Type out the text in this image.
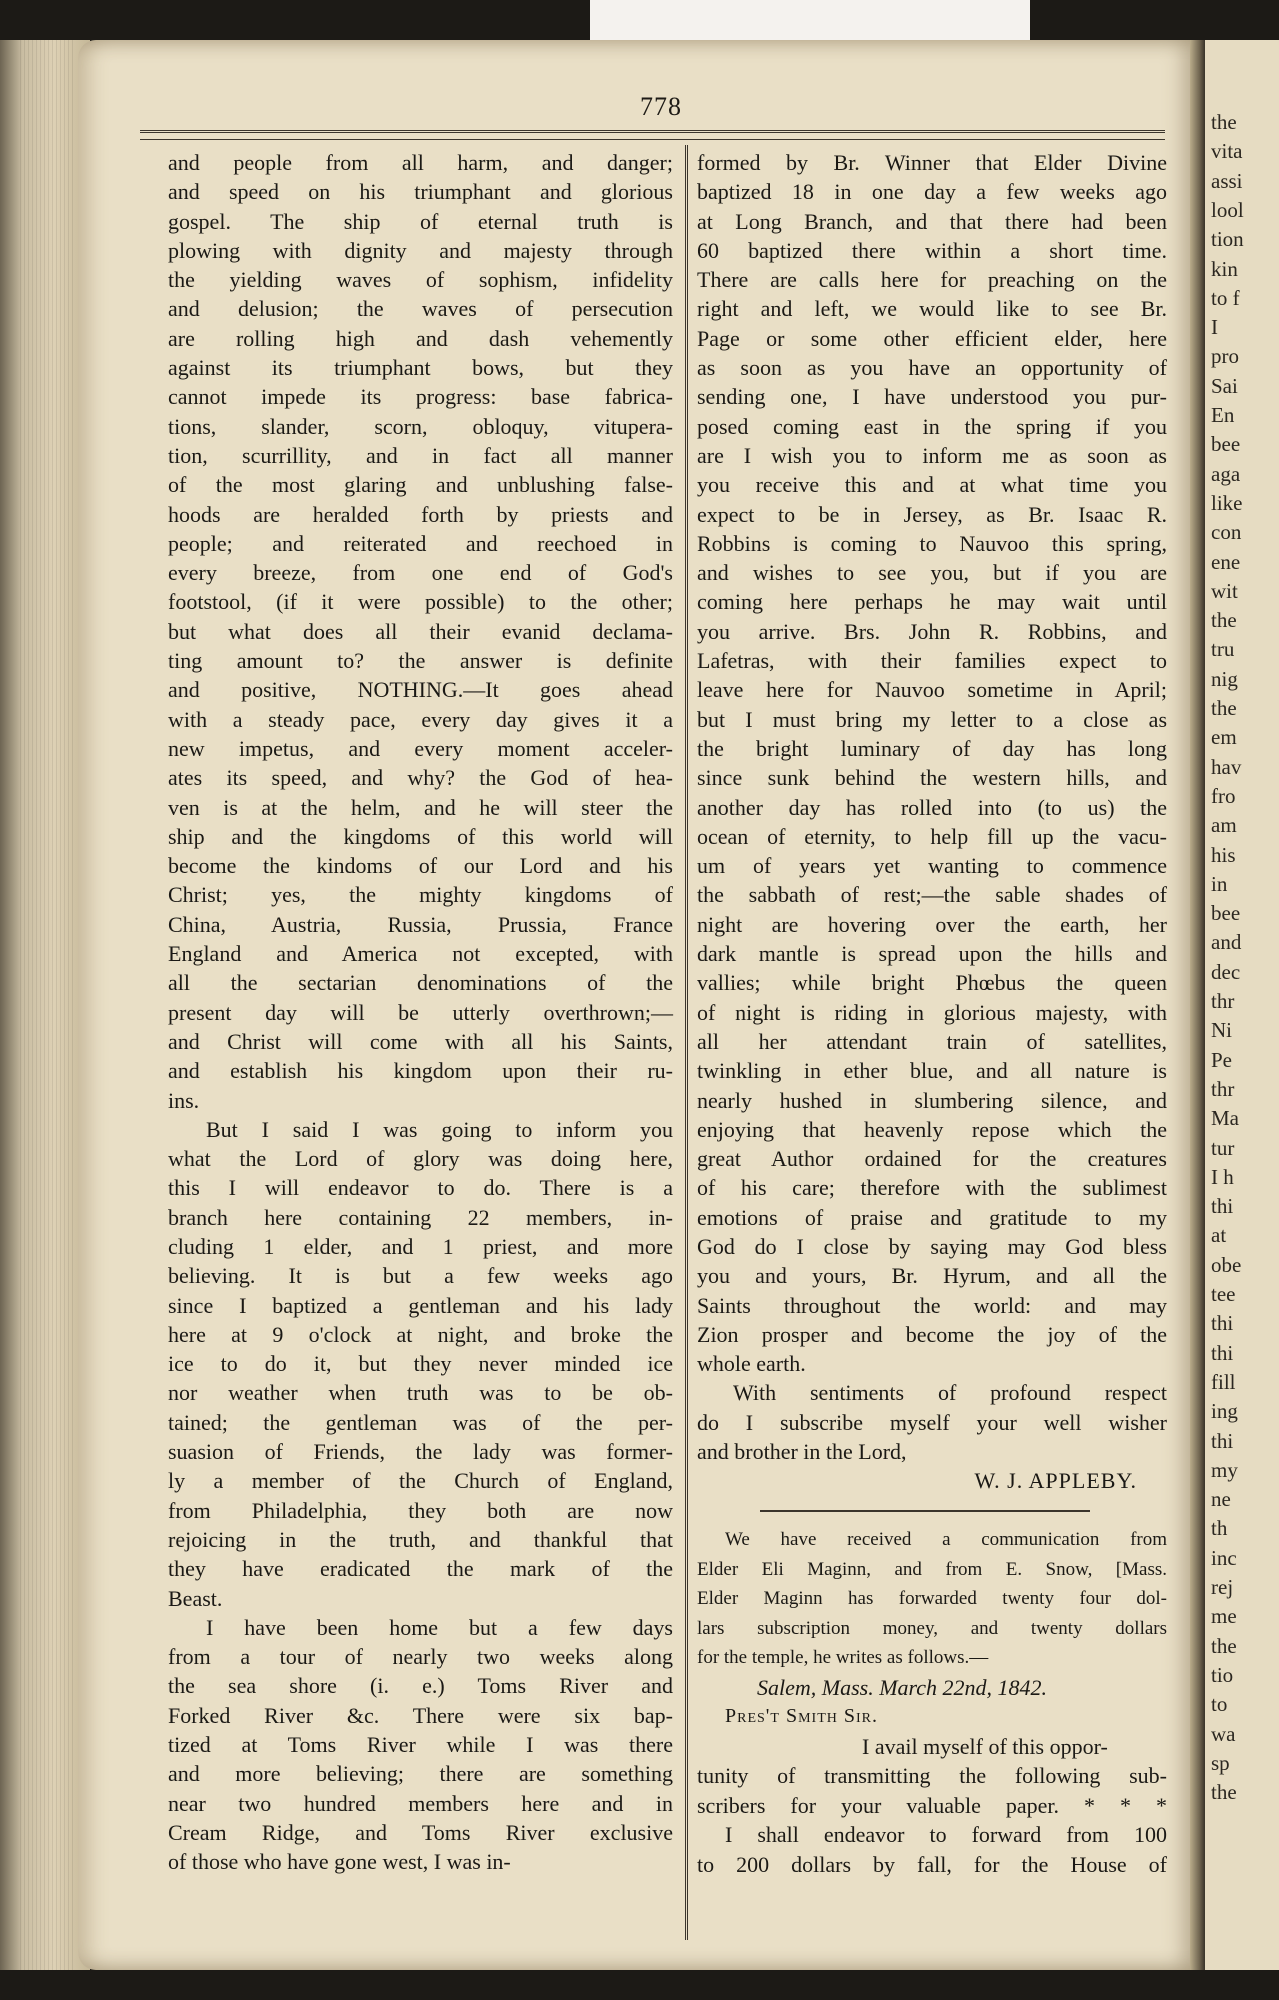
the
vita
assi
lool
tion
kin
to f
I
pro
Sai
En
bee
aga
like
con
ene
wit
the
tru
nig
the
em
hav
fro
am
his
in
bee
and
dec
thr
Ni
Pe
thr
Ma
tur
I h
thi
at
obe
tee
thi
thi
fill
ing
thi
my
ne
th
inc
rej
me
the
tio
to
wa
sp
the
778
and people from all harm, and danger;
and speed on his triumphant and glorious
gospel. The ship of eternal truth is
plowing with dignity and majesty through
the yielding waves of sophism, infidelity
and delusion; the waves of persecution
are rolling high and dash vehemently
against its triumphant bows, but they
cannot impede its progress: base fabrica-
tions, slander, scorn, obloquy, vitupera-
tion, scurrillity, and in fact all manner
of the most glaring and unblushing false-
hoods are heralded forth by priests and
people; and reiterated and reechoed in
every breeze, from one end of God's
footstool, (if it were possible) to the other;
but what does all their evanid declama-
ting amount to? the answer is definite
and positive, NOTHING.—It goes ahead
with a steady pace, every day gives it a
new impetus, and every moment acceler-
ates its speed, and why? the God of hea-
ven is at the helm, and he will steer the
ship and the kingdoms of this world will
become the kindoms of our Lord and his
Christ; yes, the mighty kingdoms of
China, Austria, Russia, Prussia, France
England and America not excepted, with
all the sectarian denominations of the
present day will be utterly overthrown;—
and Christ will come with all his Saints,
and establish his kingdom upon their ru-
ins.
But I said I was going to inform you
what the Lord of glory was doing here,
this I will endeavor to do. There is a
branch here containing 22 members, in-
cluding 1 elder, and 1 priest, and more
believing. It is but a few weeks ago
since I baptized a gentleman and his lady
here at 9 o'clock at night, and broke the
ice to do it, but they never minded ice
nor weather when truth was to be ob-
tained; the gentleman was of the per-
suasion of Friends, the lady was former-
ly a member of the Church of England,
from Philadelphia, they both are now
rejoicing in the truth, and thankful that
they have eradicated the mark of the
Beast.
I have been home but a few days
from a tour of nearly two weeks along
the sea shore (i. e.) Toms River and
Forked River &c. There were six bap-
tized at Toms River while I was there
and more believing; there are something
near two hundred members here and in
Cream Ridge, and Toms River exclusive
of those who have gone west, I was in-
formed by Br. Winner that Elder Divine
baptized 18 in one day a few weeks ago
at Long Branch, and that there had been
60 baptized there within a short time.
There are calls here for preaching on the
right and left, we would like to see Br.
Page or some other efficient elder, here
as soon as you have an opportunity of
sending one, I have understood you pur-
posed coming east in the spring if you
are I wish you to inform me as soon as
you receive this and at what time you
expect to be in Jersey, as Br. Isaac R.
Robbins is coming to Nauvoo this spring,
and wishes to see you, but if you are
coming here perhaps he may wait until
you arrive. Brs. John R. Robbins, and
Lafetras, with their families expect to
leave here for Nauvoo sometime in April;
but I must bring my letter to a close as
the bright luminary of day has long
since sunk behind the western hills, and
another day has rolled into (to us) the
ocean of eternity, to help fill up the vacu-
um of years yet wanting to commence
the sabbath of rest;—the sable shades of
night are hovering over the earth, her
dark mantle is spread upon the hills and
vallies; while bright Phœbus the queen
of night is riding in glorious majesty, with
all her attendant train of satellites,
twinkling in ether blue, and all nature is
nearly hushed in slumbering silence, and
enjoying that heavenly repose which the
great Author ordained for the creatures
of his care; therefore with the sublimest
emotions of praise and gratitude to my
God do I close by saying may God bless
you and yours, Br. Hyrum, and all the
Saints throughout the world: and may
Zion prosper and become the joy of the
whole earth.
With sentiments of profound respect
do I subscribe myself your well wisher
and brother in the Lord,
W. J. APPLEBY.
We have received a communication from
Elder Eli Maginn, and from E. Snow, [Mass.
Elder Maginn has forwarded twenty four dol-
lars subscription money, and twenty dollars
for the temple, he writes as follows.—
Salem, Mass. March 22nd, 1842.
Pres't Smith Sir.
I avail myself of this oppor-
tunity of transmitting the following sub-
scribers for your valuable paper. * * *
I shall endeavor to forward from 100
to 200 dollars by fall, for the House of
